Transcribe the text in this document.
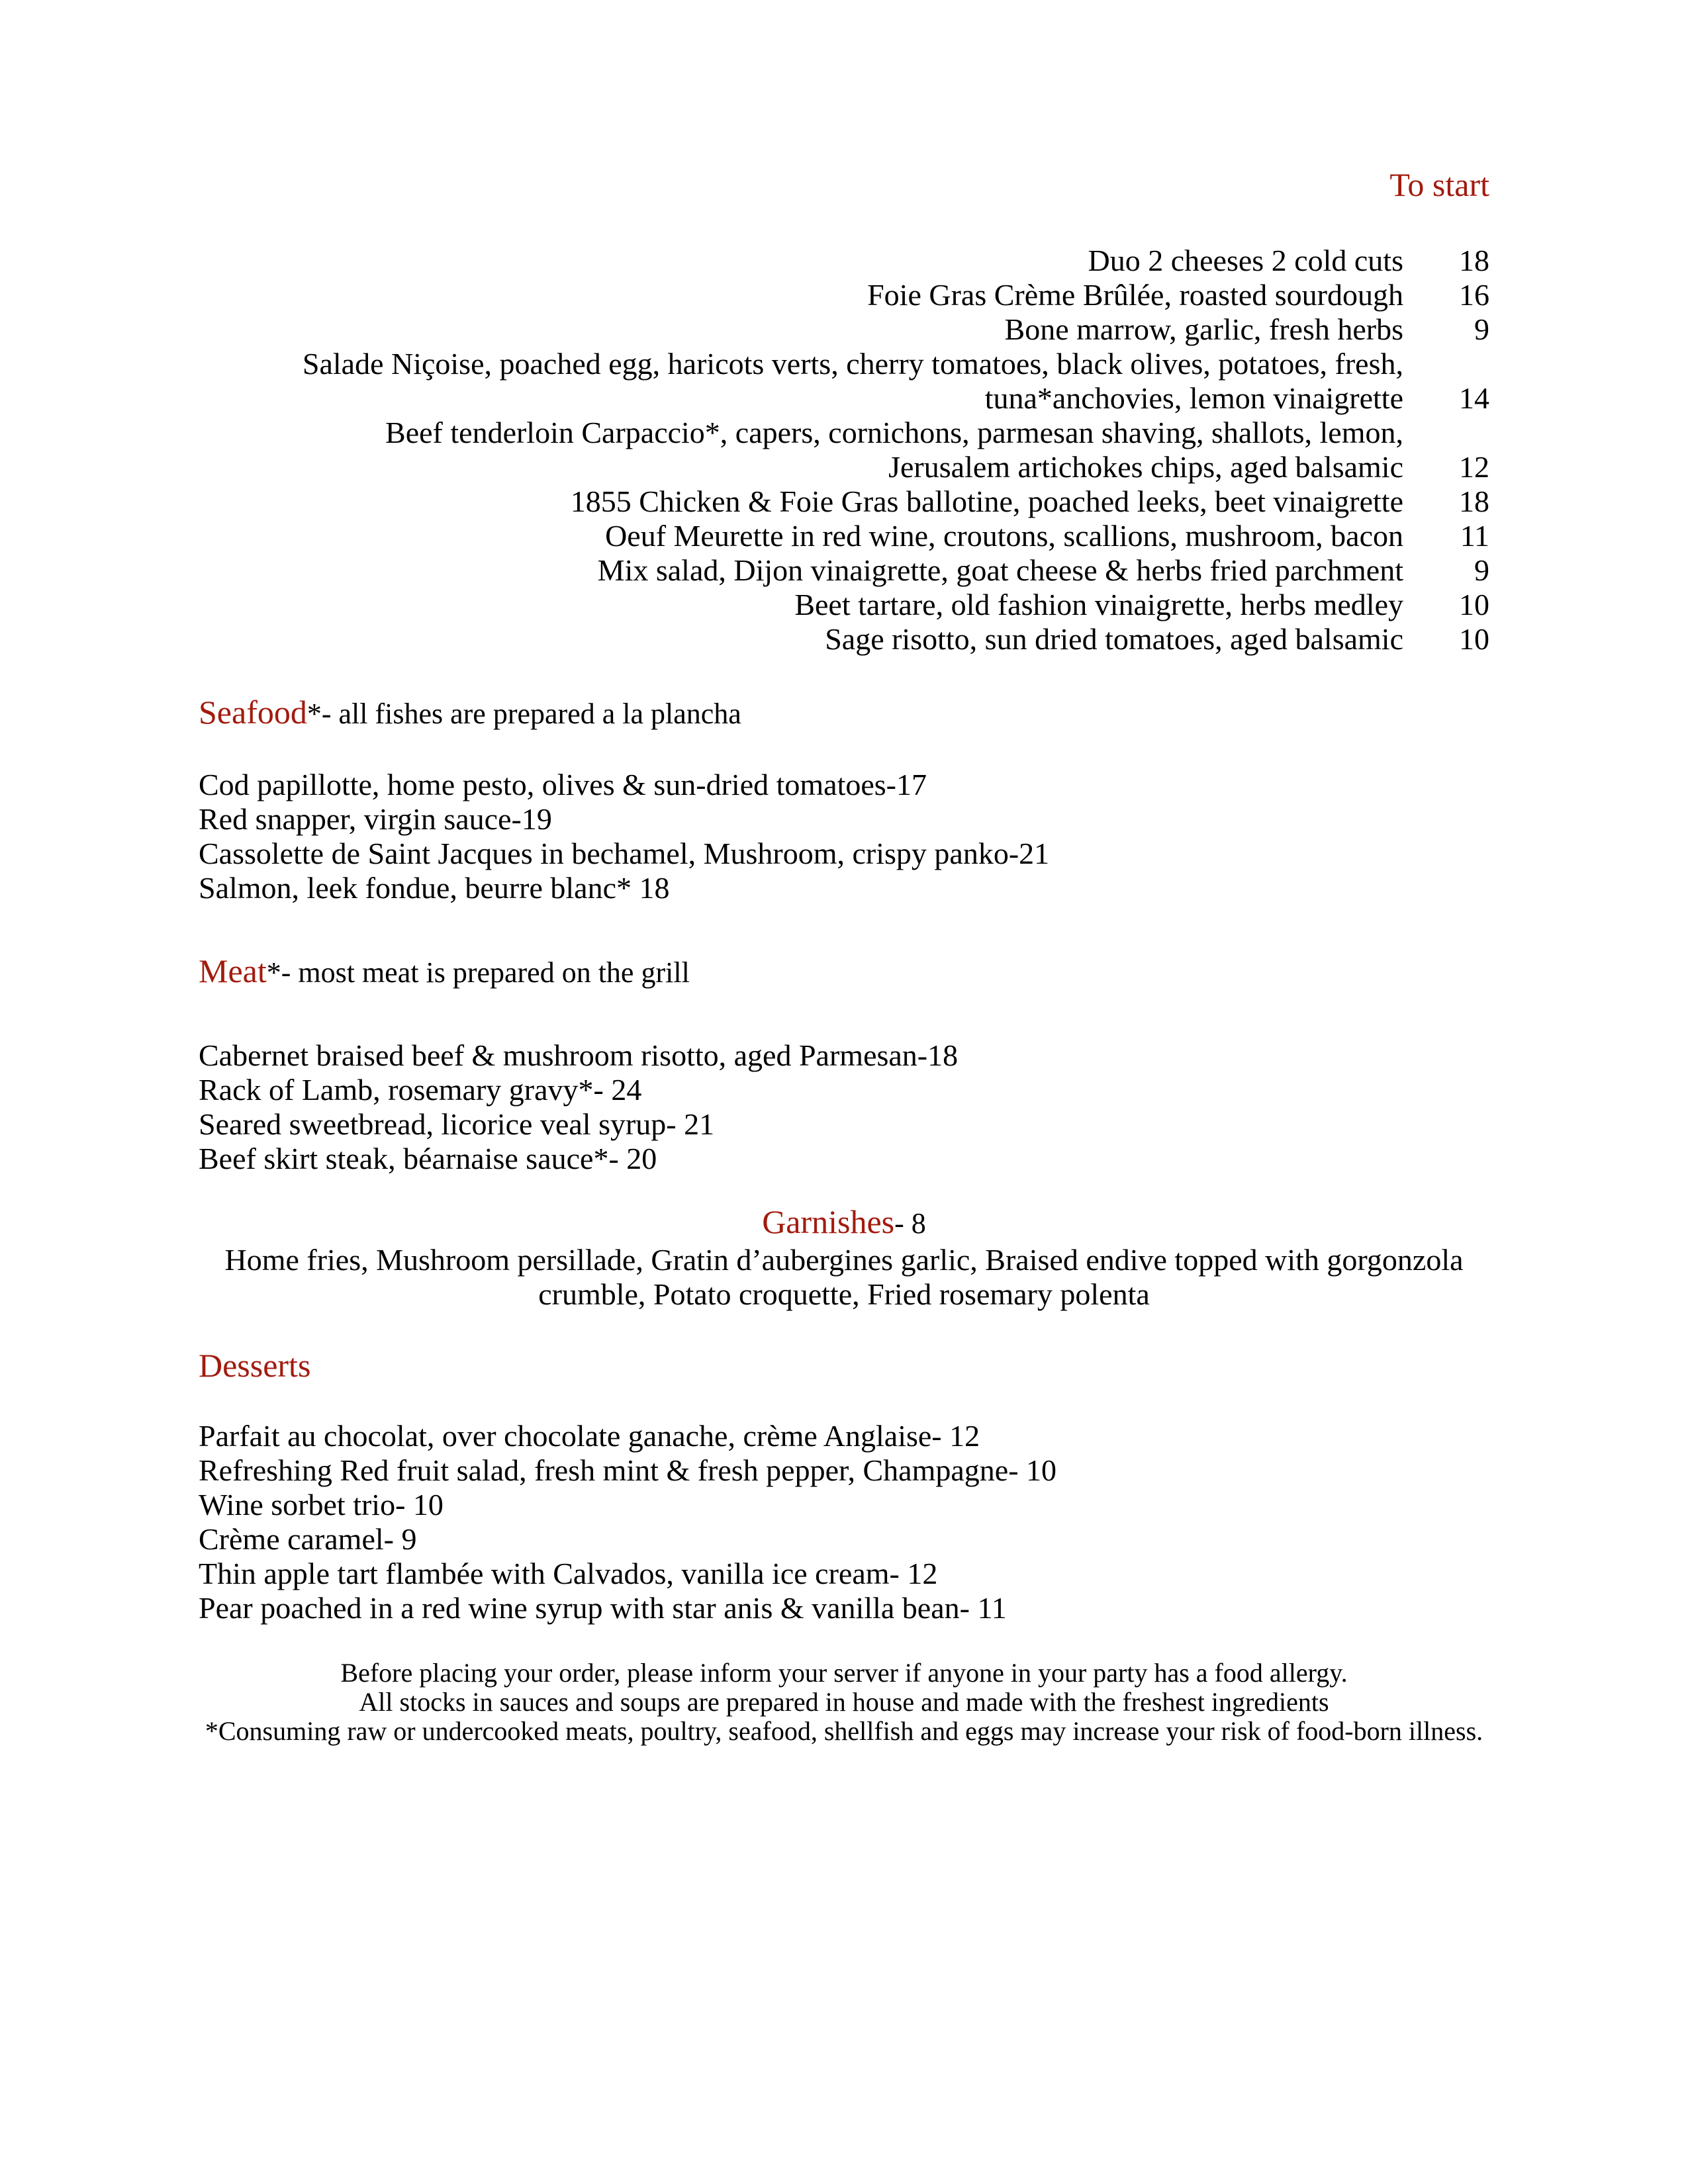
To start
Duo 2 cheeses 2 cold cuts	18
Foie Gras Crème Brûlée, roasted sourdough	16
Bone marrow, garlic, fresh herbs	9
Salade Niçoise, poached egg, haricots verts, cherry tomatoes, black olives, potatoes, fresh,
tuna*anchovies, lemon vinaigrette	14
Beef tenderloin Carpaccio*, capers, cornichons, parmesan shaving, shallots, lemon,
Jerusalem artichokes chips, aged balsamic	12
1855 Chicken & Foie Gras ballotine, poached leeks, beet vinaigrette	18
Oeuf Meurette in red wine, croutons, scallions, mushroom, bacon	11
Mix salad, Dijon vinaigrette, goat cheese & herbs fried parchment	9
Beet tartare, old fashion vinaigrette, herbs medley	10
Sage risotto, sun dried tomatoes, aged balsamic	10
Seafood*- all fishes are prepared a la plancha
Cod papillotte, home pesto, olives & sun-dried tomatoes-17
Red snapper, virgin sauce-19
Cassolette de Saint Jacques in bechamel, Mushroom, crispy panko-21
Salmon, leek fondue, beurre blanc* 18
Meat*- most meat is prepared on the grill
Cabernet braised beef & mushroom risotto, aged Parmesan-18
Rack of Lamb, rosemary gravy*- 24
Seared sweetbread, licorice veal syrup- 21
Beef skirt steak, béarnaise sauce*- 20
Garnishes- 8
Home fries, Mushroom persillade, Gratin d’aubergines garlic, Braised endive topped with gorgonzola
crumble, Potato croquette, Fried rosemary polenta
Desserts
Parfait au chocolat, over chocolate ganache, crème Anglaise- 12
Refreshing Red fruit salad, fresh mint & fresh pepper, Champagne- 10
Wine sorbet trio- 10
Crème caramel- 9
Thin apple tart flambée with Calvados, vanilla ice cream- 12
Pear poached in a red wine syrup with star anis & vanilla bean- 11
Before placing your order, please inform your server if anyone in your party has a food allergy.
All stocks in sauces and soups are prepared in house and made with the freshest ingredients
*Consuming raw or undercooked meats, poultry, seafood, shellfish and eggs may increase your risk of food-born illness.
